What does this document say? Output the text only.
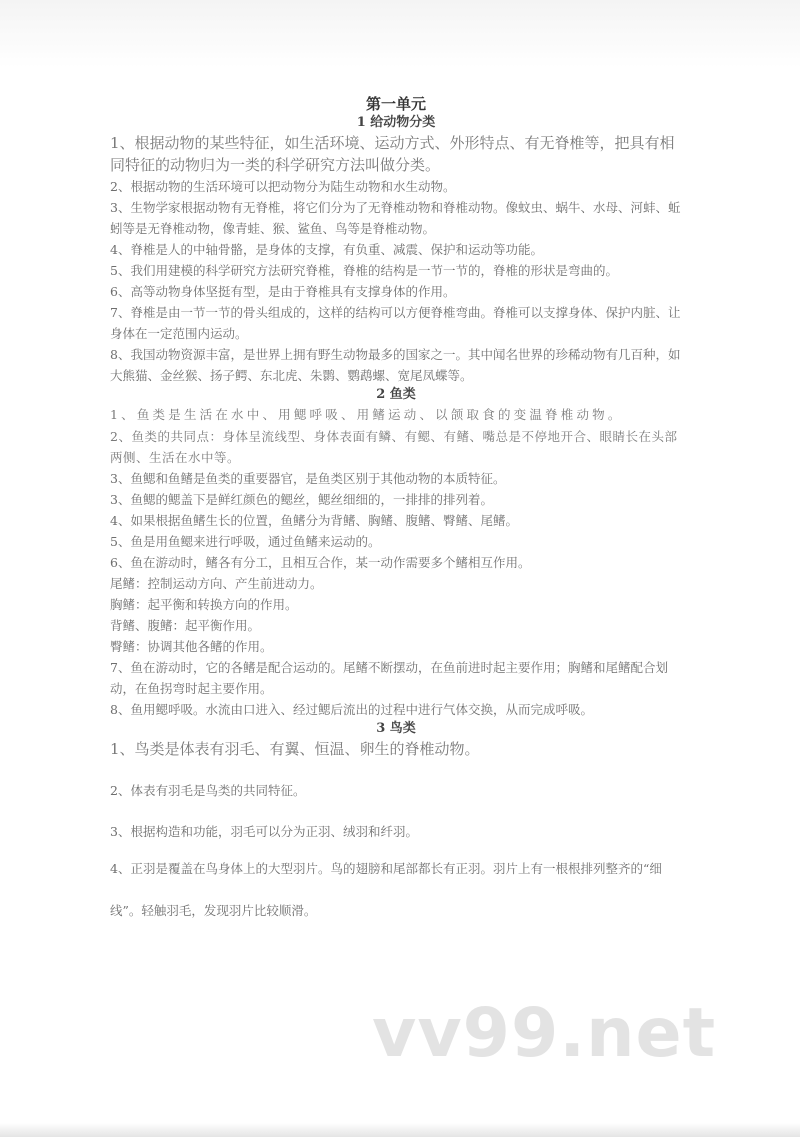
第一单元
1 给动物分类

1、根据动物的某些特征，如生活环境、运动方式、外形特点、有无脊椎等，把具有相同特征的动物归为一类的科学研究方法叫做分类。

2、根据动物的生活环境可以把动物分为陆生动物和水生动物。

3、生物学家根据动物有无脊椎，将它们分为了无脊椎动物和脊椎动物。像蚊虫、蜗牛、水母、河蚌、蚯蚓等是无脊椎动物，像青蛙、猴、鲨鱼、鸟等是脊椎动物。

4、脊椎是人的中轴骨骼，是身体的支撑，有负重、减震、保护和运动等功能。

5、我们用建模的科学研究方法研究脊椎，脊椎的结构是一节一节的，脊椎的形状是弯曲的。

6、高等动物身体坚挺有型，是由于脊椎具有支撑身体的作用。

7、脊椎是由一节一节的骨头组成的，这样的结构可以方便脊椎弯曲。脊椎可以支撑身体、保护内脏、让身体在一定范围内运动。

8、我国动物资源丰富，是世界上拥有野生动物最多的国家之一。其中闻名世界的珍稀动物有几百种，如大熊猫、金丝猴、扬子鳄、东北虎、朱鹮、鹦鹉螺、宽尾凤蝶等。

2 鱼类

1、鱼类是生活在水中、用鳃呼吸、用鳍运动、以颌取食的变温脊椎动物。

2、鱼类的共同点：身体呈流线型、身体表面有鳞、有鳃、有鳍、嘴总是不停地开合、眼睛长在头部两侧、生活在水中等。

3、鱼鳃和鱼鳍是鱼类的重要器官，是鱼类区别于其他动物的本质特征。

3、鱼鳃的鳃盖下是鲜红颜色的鳃丝，鳃丝细细的，一排排的排列着。

4、如果根据鱼鳍生长的位置，鱼鳍分为背鳍、胸鳍、腹鳍、臀鳍、尾鳍。

5、鱼是用鱼鳃来进行呼吸，通过鱼鳍来运动的。

6、鱼在游动时，鳍各有分工，且相互合作，某一动作需要多个鳍相互作用。

尾鳍：控制运动方向、产生前进动力。

胸鳍：起平衡和转换方向的作用。

背鳍、腹鳍：起平衡作用。

臀鳍：协调其他各鳍的作用。

7、鱼在游动时，它的各鳍是配合运动的。尾鳍不断摆动，在鱼前进时起主要作用；胸鳍和尾鳍配合划动，在鱼拐弯时起主要作用。

8、鱼用鳃呼吸。水流由口进入、经过鳃后流出的过程中进行气体交换，从而完成呼吸。

3 鸟类

1、鸟类是体表有羽毛、有翼、恒温、卵生的脊椎动物。

2、体表有羽毛是鸟类的共同特征。

3、根据构造和功能，羽毛可以分为正羽、绒羽和纤羽。

4、正羽是覆盖在鸟身体上的大型羽片。鸟的翅膀和尾部都长有正羽。羽片上有一根根排列整齐的“细线”。轻触羽毛，发现羽片比较顺滑。

vv99.net
